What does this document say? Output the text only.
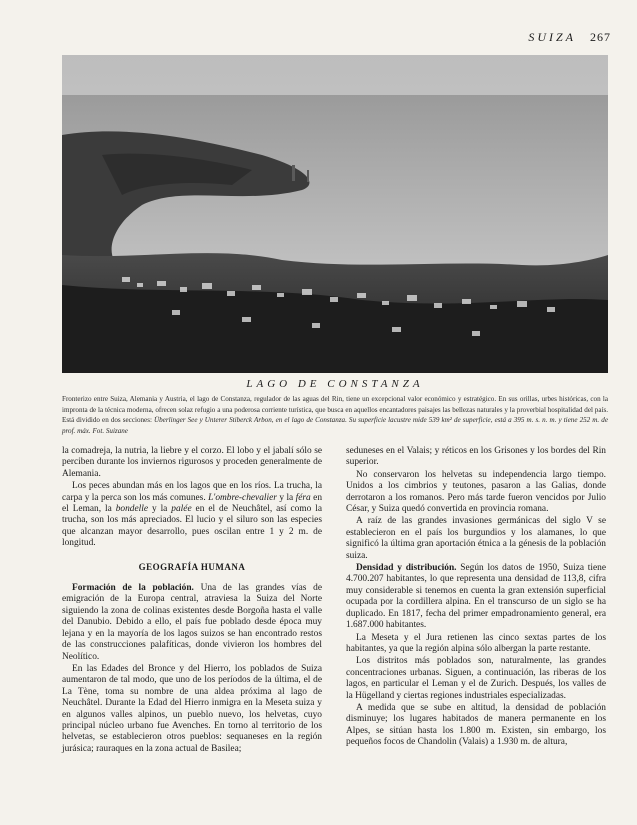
SUIZA 267
LAGO DE CONSTANZA
Fronterizo entre Suiza, Alemania y Austria, el lago de Constanza, regulador de las aguas del Rin, tiene un excepcional valor económico y estratégico. En sus orillas, urbes históricas, con la impronta de la técnica moderna, ofrecen solaz refugio a una poderosa corriente turística, que busca en aquellos encantadores paisajes las bellezas naturales y la proverbial hospitalidad del país. Está dividido en dos secciones: Überlinger See y Unterer Stiberck Arbon, en el lago de Constanza. Su superficie lacustre mide 539 km² de superficie, está a 395 m. s. n. m. y tiene 252 m. de prof. máx. Fot. Suizane

la comadreja, la nutria, la liebre y el corzo. El lobo y el jabalí sólo se perciben durante los inviernos rigurosos y proceden generalmente de Alemania.

Los peces abundan más en los lagos que en los ríos. La trucha, la carpa y la perca son los más comunes. L'ombre-chevalier y la féra en el Leman, la bondelle y la palée en el de Neuchâtel, así como la trucha, son los más apreciados. El lucio y el siluro son las especies que alcanzan mayor desarrollo, pues oscilan entre 1 y 2 m. de longitud.

GEOGRAFÍA HUMANA

Formación de la población. Una de las grandes vías de emigración de la Europa central, atraviesa la Suiza del Norte siguiendo la zona de colinas existentes desde Borgoña hasta el valle del Danubio. Debido a ello, el país fue poblado desde época muy lejana y en la mayoría de los lagos suizos se han encontrado restos de las construcciones palafíticas, donde vivieron los hombres del Neolítico.

En las Edades del Bronce y del Hierro, los poblados de Suiza aumentaron de tal modo, que uno de los períodos de la última, el de La Tène, toma su nombre de una aldea próxima al lago de Neuchâtel. Durante la Edad del Hierro inmigra en la Meseta suiza y en algunos valles alpinos, un pueblo nuevo, los helvetas, cuyo principal núcleo urbano fue Avenches. En torno al territorio de los helvetas, se establecieron otros pueblos: sequaneses en la región jurásica; rauraques en la zona actual de Basilea;

seduneses en el Valais; y réticos en los Grisones y los bordes del Rin superior.

No conservaron los helvetas su independencia largo tiempo. Unidos a los cimbrios y teutones, pasaron a las Galias, donde derrotaron a los romanos. Pero más tarde fueron vencidos por Julio César, y Suiza quedó convertida en provincia romana.

A raíz de las grandes invasiones germánicas del siglo V se establecieron en el país los burgundios y los alamanes, lo que significó la última gran aportación étnica a la génesis de la población suiza.

Densidad y distribución. Según los datos de 1950, Suiza tiene 4.700.207 habitantes, lo que representa una densidad de 113,8, cifra muy considerable si tenemos en cuenta la gran extensión superficial ocupada por la cordillera alpina. En el transcurso de un siglo se ha duplicado. En 1817, fecha del primer empadronamiento general, era 1.687.000 habitantes.

La Meseta y el Jura retienen las cinco sextas partes de los habitantes, ya que la región alpina sólo albergan la parte restante.

Los distritos más poblados son, naturalmente, las grandes concentraciones urbanas. Siguen, a continuación, las riberas de los lagos, en particular el Leman y el de Zurich. Después, los valles de la Hügelland y ciertas regiones industriales especializadas.

A medida que se sube en altitud, la densidad de población disminuye; los lugares habitados de manera permanente en los Alpes, se sitúan hasta los 1.800 m. Existen, sin embargo, los pequeños focos de Chandolin (Valais) a 1.930 m. de altura,
